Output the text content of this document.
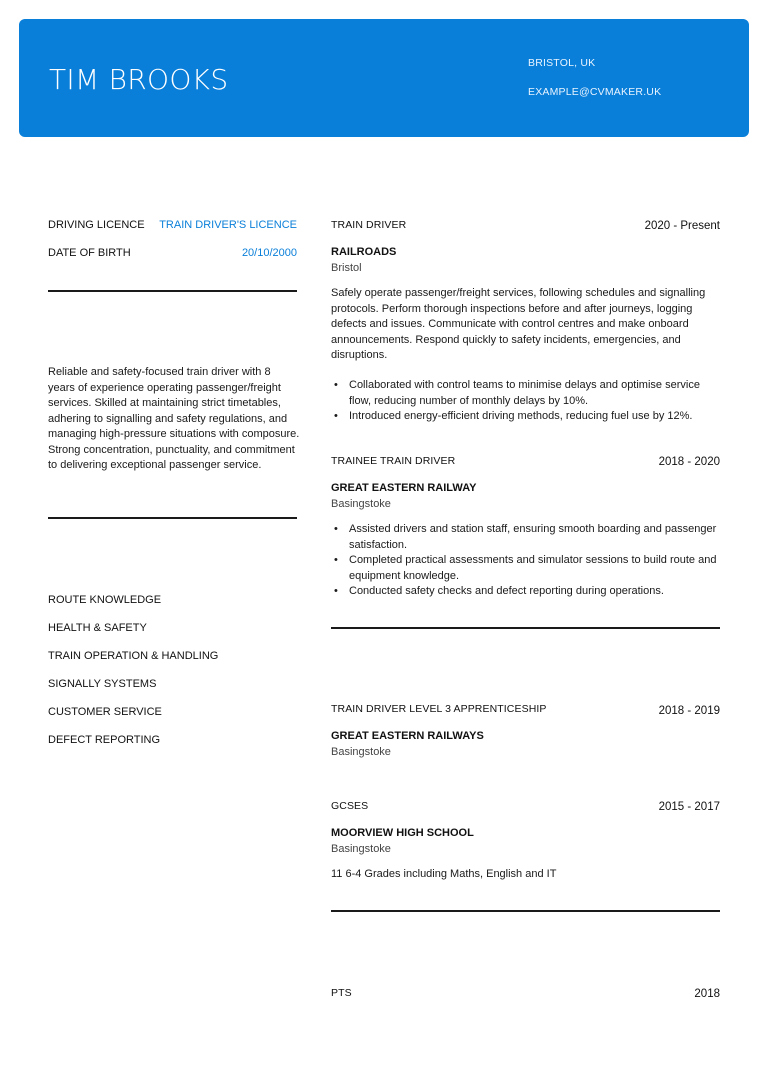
TIM BROOKS	BRISTOL, UK
EXAMPLE@CVMAKER.UK
ADDITIONAL INFO
DRIVING LICENCE TRAIN DRIVER'S LICENCE
DATE OF BIRTH	20/10/2000
ABOUT
Reliable and safety-focused train driver with 8 years of experience operating passenger/freight services. Skilled at maintaining strict timetables, adhering to signalling and safety regulations, and managing high-pressure situations with composure. Strong concentration, punctuality, and commitment to delivering exceptional passenger service.
SKILLS
ROUTE KNOWLEDGE
HEALTH & SAFETY
TRAIN OPERATION & HANDLING
SIGNALLY SYSTEMS
CUSTOMER SERVICE
DEFECT REPORTING
WORK EXPERIENCE
TRAIN DRIVER	2020 - Present
RAILROADS
Bristol
Safely operate passenger/freight services, following schedules and signalling protocols. Perform thorough inspections before and after journeys, logging defects and issues. Communicate with control centres and make onboard announcements. Respond quickly to safety incidents, emergencies, and disruptions.
• Collaborated with control teams to minimise delays and optimise service flow, reducing number of monthly delays by 10%.
• Introduced energy-efficient driving methods, reducing fuel use by 12%.
TRAINEE TRAIN DRIVER	2018 - 2020
GREAT EASTERN RAILWAY
Basingstoke
• Assisted drivers and station staff, ensuring smooth boarding and passenger satisfaction.
• Completed practical assessments and simulator sessions to build route and equipment knowledge.
• Conducted safety checks and defect reporting during operations.
EDUCATION
TRAIN DRIVER LEVEL 3 APPRENTICESHIP	2018 - 2019
GREAT EASTERN RAILWAYS
Basingstoke
GCSES	2015 - 2017
MOORVIEW HIGH SCHOOL
Basingstoke
11 6-4 Grades including Maths, English and IT
CERTIFICATES
PTS	2018
